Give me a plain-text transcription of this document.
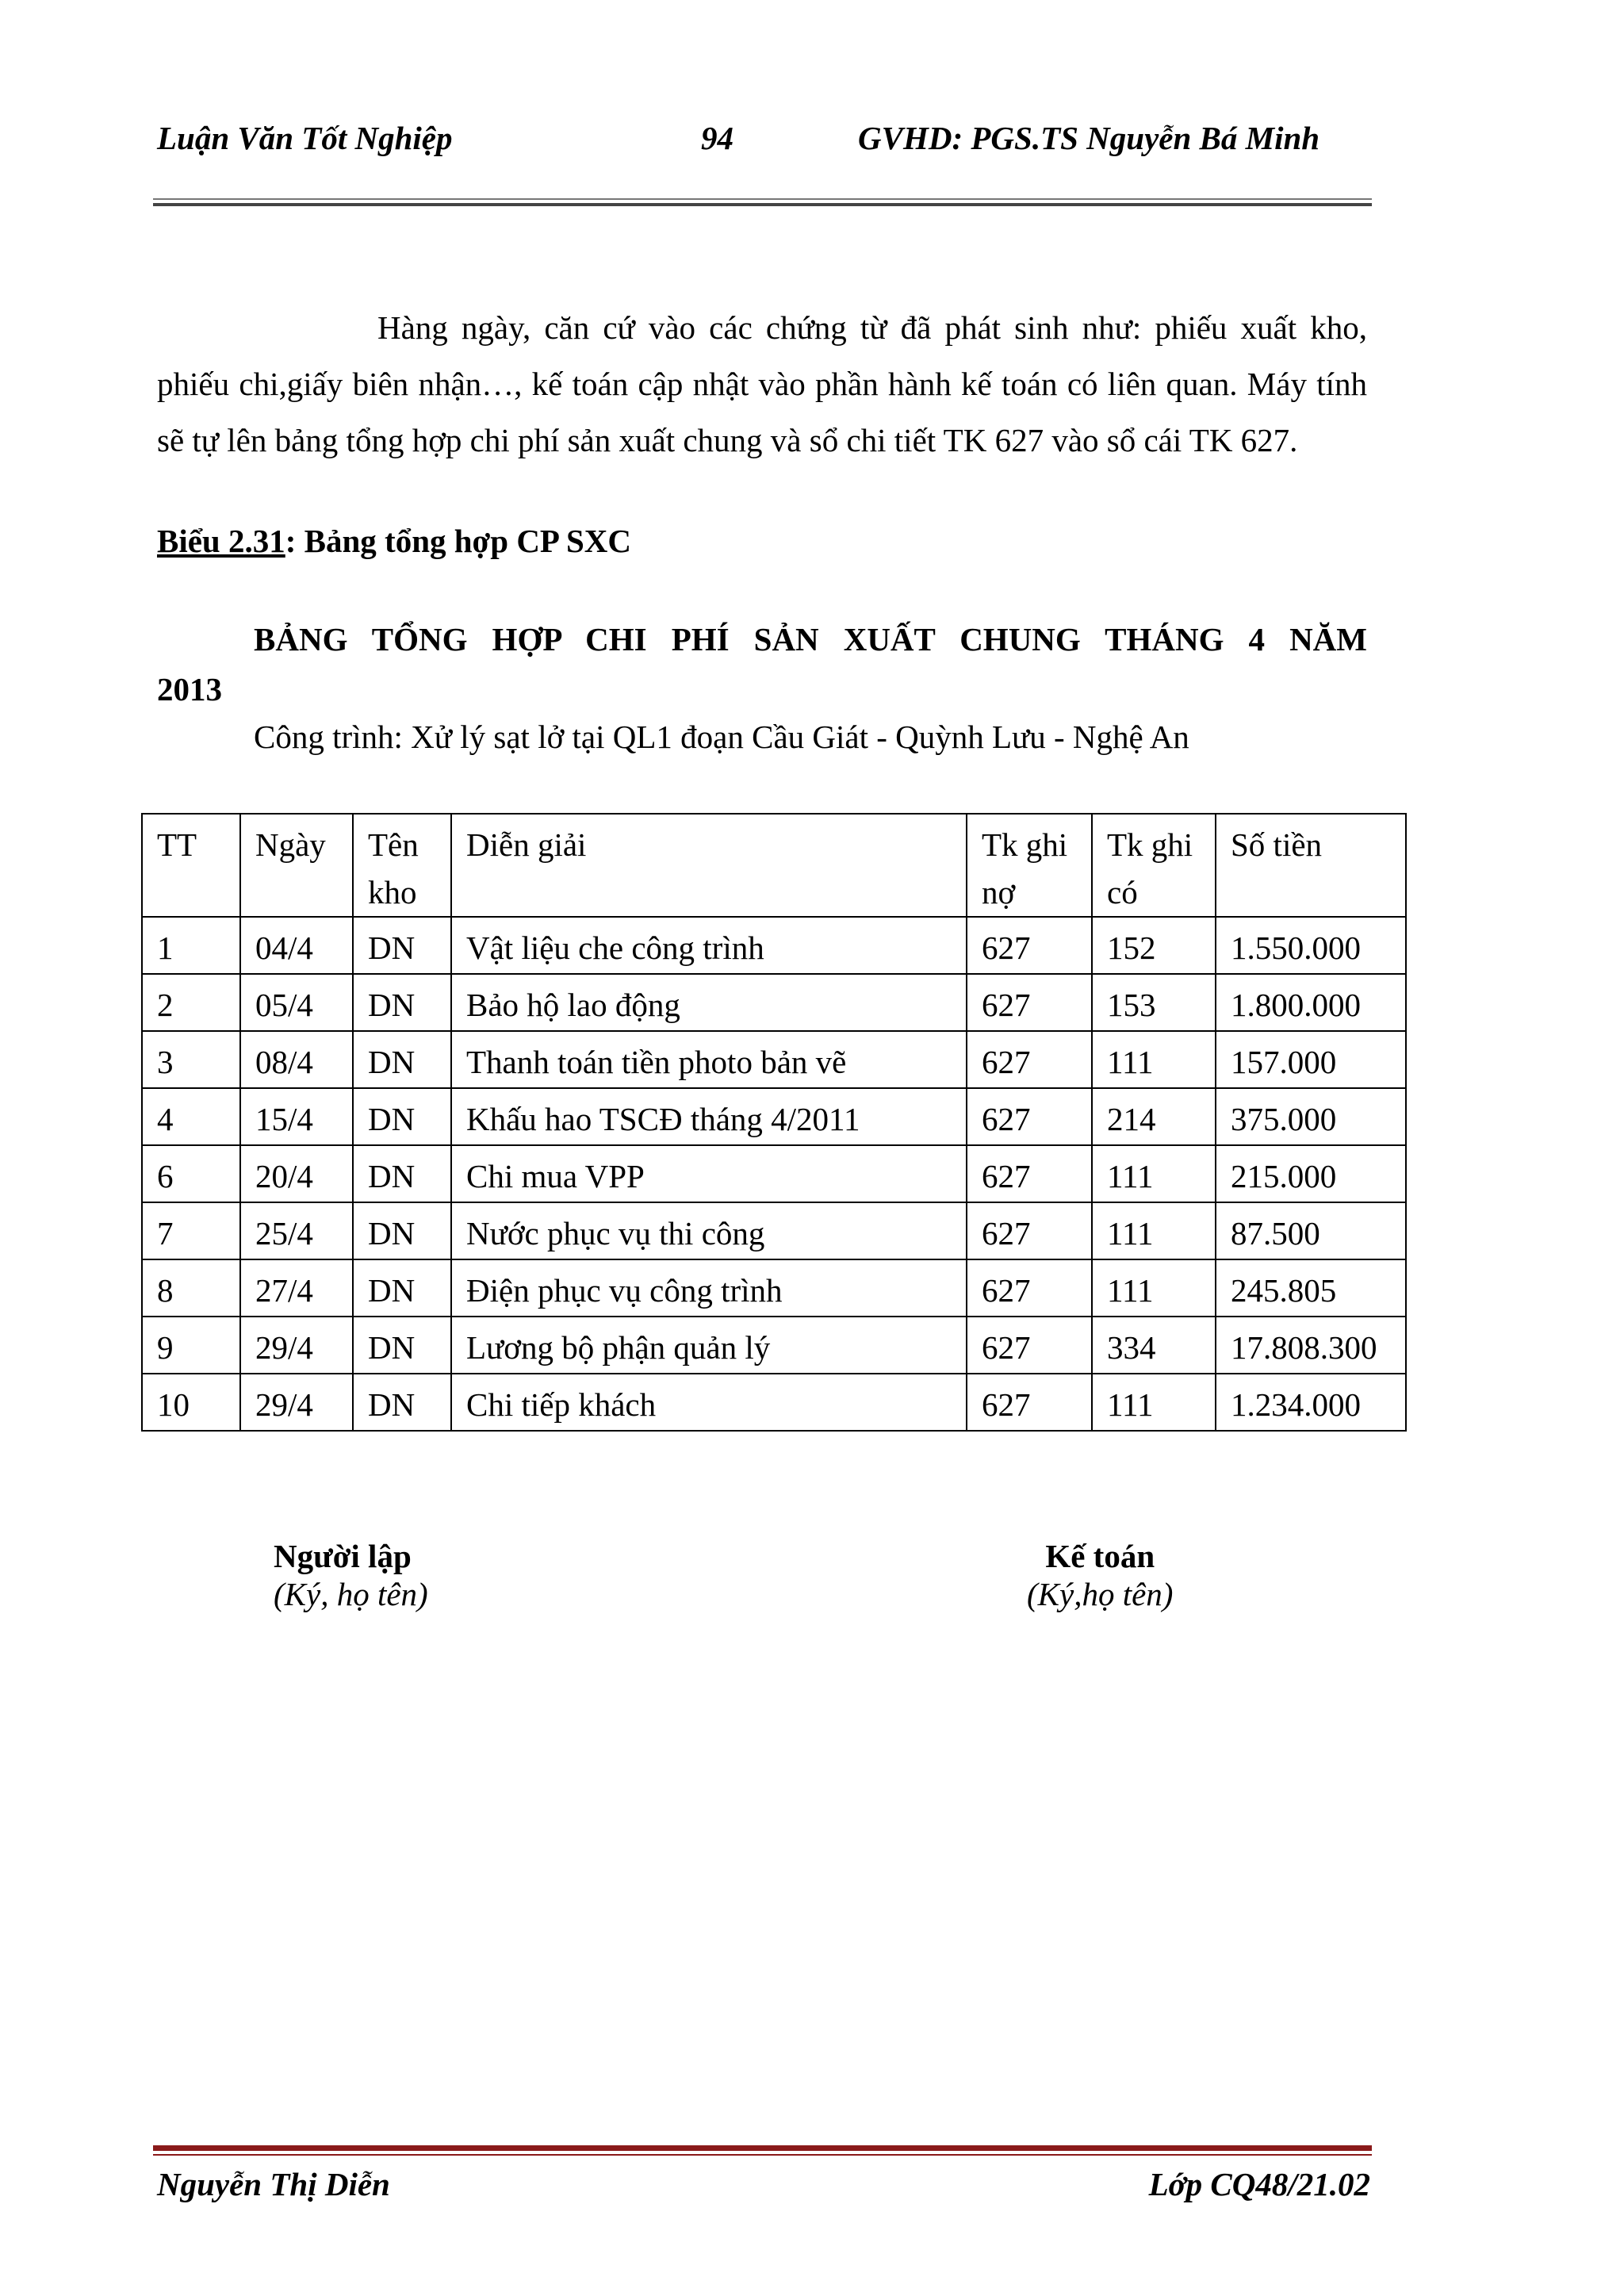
Luận Văn Tốt Nghiệp	94	GVHD: PGS.TS Nguyễn Bá Minh
Hàng ngày, căn cứ vào các chứng từ đã phát sinh như: phiếu xuất kho, phiếu chi,giấy biên nhận…, kế toán cập nhật vào phần hành kế toán có liên quan. Máy tính sẽ tự lên bảng tổng hợp chi phí sản xuất chung và sổ chi tiết TK 627 vào sổ cái TK 627.
Biểu 2.31: Bảng tổng hợp CP SXC
BẢNG TỔNG HỢP CHI PHÍ SẢN XUẤT CHUNG THÁNG 4 NĂM
2013
Công trình: Xử lý sạt lở tại QL1 đoạn Cầu Giát - Quỳnh Lưu - Nghệ An
TT	Ngày	Tên kho	Diễn giải	Tk ghi nợ	Tk ghi có	Số tiền
1	04/4	DN	Vật liệu che công trình	627	152	1.550.000
2	05/4	DN	Bảo hộ lao động	627	153	1.800.000
3	08/4	DN	Thanh toán tiền photo bản vẽ	627	111	157.000
4	15/4	DN	Khấu hao TSCĐ tháng 4/2011	627	214	375.000
6	20/4	DN	Chi mua VPP	627	111	215.000
7	25/4	DN	Nước phục vụ thi công	627	111	87.500
8	27/4	DN	Điện phục vụ công trình	627	111	245.805
9	29/4	DN	Lương bộ phận quản lý	627	334	17.808.300
10	29/4	DN	Chi tiếp khách	627	111	1.234.000
Người lập
(Ký, họ tên)
Kế toán
(Ký,họ tên)
Nguyễn Thị Diễn	Lớp CQ48/21.02
